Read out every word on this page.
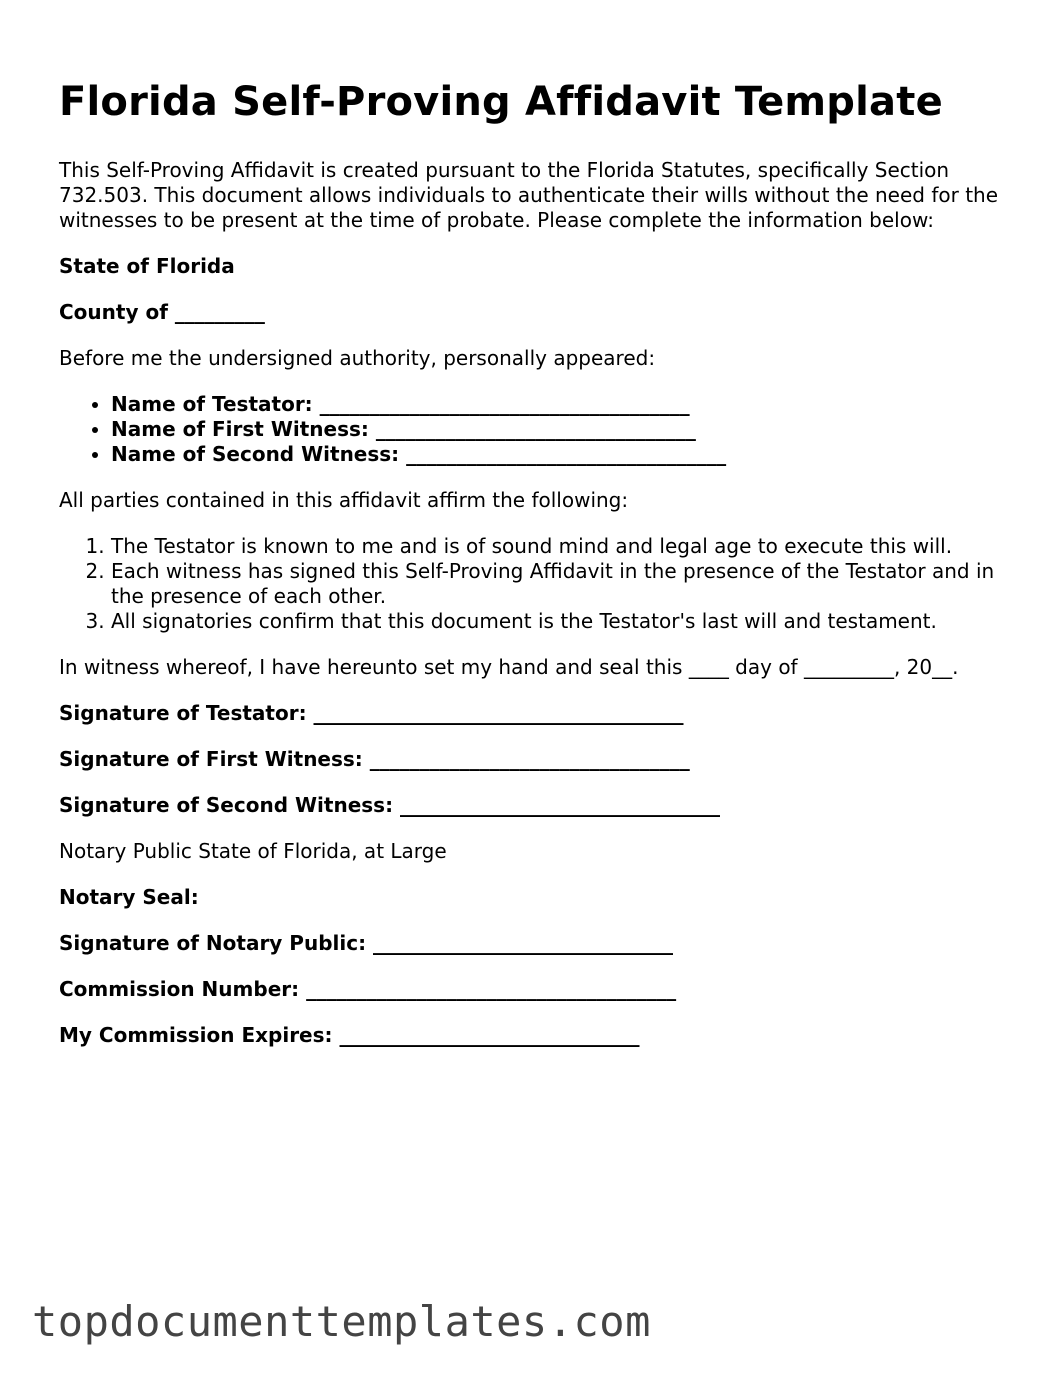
Florida Self-Proving Affidavit Template

This Self-Proving Affidavit is created pursuant to the Florida Statutes, specifically Section 732.503. This document allows individuals to authenticate their wills without the need for the witnesses to be present at the time of probate. Please complete the information below:

State of Florida

County of _________

Before me the undersigned authority, personally appeared:

• Name of Testator: _____________________________________
• Name of First Witness: ________________________________
• Name of Second Witness: ________________________________

All parties contained in this affidavit affirm the following:

1. The Testator is known to me and is of sound mind and legal age to execute this will.
2. Each witness has signed this Self-Proving Affidavit in the presence of the Testator and in the presence of each other.
3. All signatories confirm that this document is the Testator's last will and testament.

In witness whereof, I have hereunto set my hand and seal this ____ day of _________, 20__.

Signature of Testator: _____________________________________

Signature of First Witness: ________________________________

Signature of Second Witness: ________________________________

Notary Public State of Florida, at Large

Notary Seal:

Signature of Notary Public: ______________________________

Commission Number: _____________________________________

My Commission Expires: ______________________________

topdocumenttemplates.com
